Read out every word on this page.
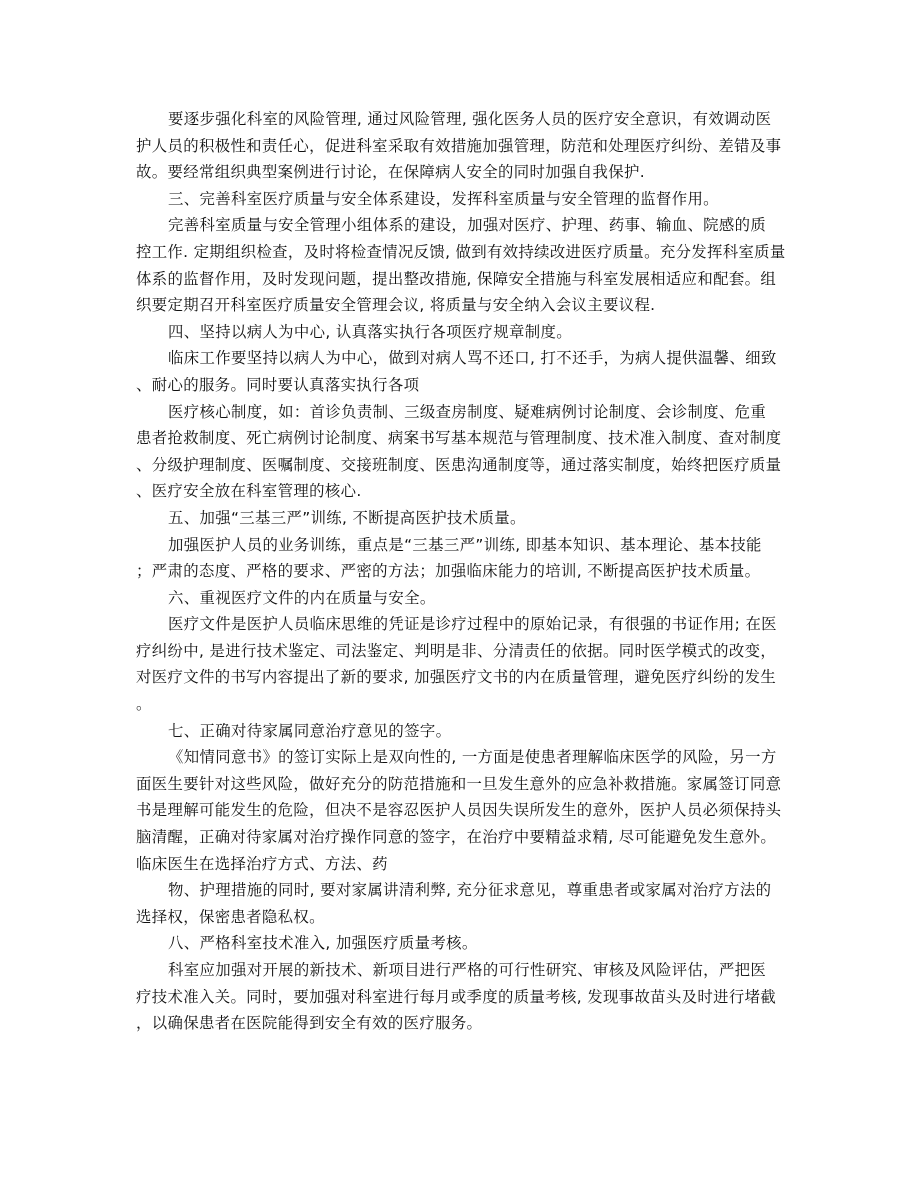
要逐步强化科室的风险管理, 通过风险管理, 强化医务人员的医疗安全意识，有效调动医

护人员的积极性和责任心，促进科室采取有效措施加强管理，防范和处理医疗纠纷、差错及事

故。要经常组织典型案例进行讨论，在保障病人安全的同时加强自我保护.

三、完善科室医疗质量与安全体系建设，发挥科室质量与安全管理的监督作用。

完善科室质量与安全管理小组体系的建设，加强对医疗、护理、药事、输血、院感的质

控工作. 定期组织检查，及时将检查情况反馈, 做到有效持续改进医疗质量。充分发挥科室质量

体系的监督作用，及时发现问题，提出整改措施, 保障安全措施与科室发展相适应和配套。组

织要定期召开科室医疗质量安全管理会议, 将质量与安全纳入会议主要议程.

四、坚持以病人为中心, 认真落实执行各项医疗规章制度。

临床工作要坚持以病人为中心，做到对病人骂不还口, 打不还手，为病人提供温馨、细致

、耐心的服务。同时要认真落实执行各项

医疗核心制度，如：首诊负责制、三级查房制度、疑难病例讨论制度、会诊制度、危重

患者抢救制度、死亡病例讨论制度、病案书写基本规范与管理制度、技术准入制度、查对制度

、分级护理制度、医嘱制度、交接班制度、医患沟通制度等，通过落实制度，始终把医疗质量

、医疗安全放在科室管理的核心.

五、加强“三基三严”训练, 不断提高医护技术质量。

加强医护人员的业务训练，重点是“三基三严”训练, 即基本知识、基本理论、基本技能

；严肃的态度、严格的要求、严密的方法；加强临床能力的培训, 不断提高医护技术质量。

六、重视医疗文件的内在质量与安全。

医疗文件是医护人员临床思维的凭证是诊疗过程中的原始记录，有很强的书证作用; 在医

疗纠纷中, 是进行技术鉴定、司法鉴定、判明是非、分清责任的依据。同时医学模式的改变，

对医疗文件的书写内容提出了新的要求, 加强医疗文书的内在质量管理，避免医疗纠纷的发生

。

七、正确对待家属同意治疗意见的签字。

《知情同意书》的签订实际上是双向性的, 一方面是使患者理解临床医学的风险，另一方

面医生要针对这些风险，做好充分的防范措施和一旦发生意外的应急补救措施。家属签订同意

书是理解可能发生的危险，但决不是容忍医护人员因失误所发生的意外，医护人员必须保持头

脑清醒，正确对待家属对治疗操作同意的签字，在治疗中要精益求精, 尽可能避免发生意外。

临床医生在选择治疗方式、方法、药

物、护理措施的同时, 要对家属讲清利弊, 充分征求意见，尊重患者或家属对治疗方法的

选择权，保密患者隐私权。

八、严格科室技术准入, 加强医疗质量考核。

科室应加强对开展的新技术、新项目进行严格的可行性研究、审核及风险评估，严把医

疗技术准入关。同时，要加强对科室进行每月或季度的质量考核, 发现事故苗头及时进行堵截

，以确保患者在医院能得到安全有效的医疗服务。
